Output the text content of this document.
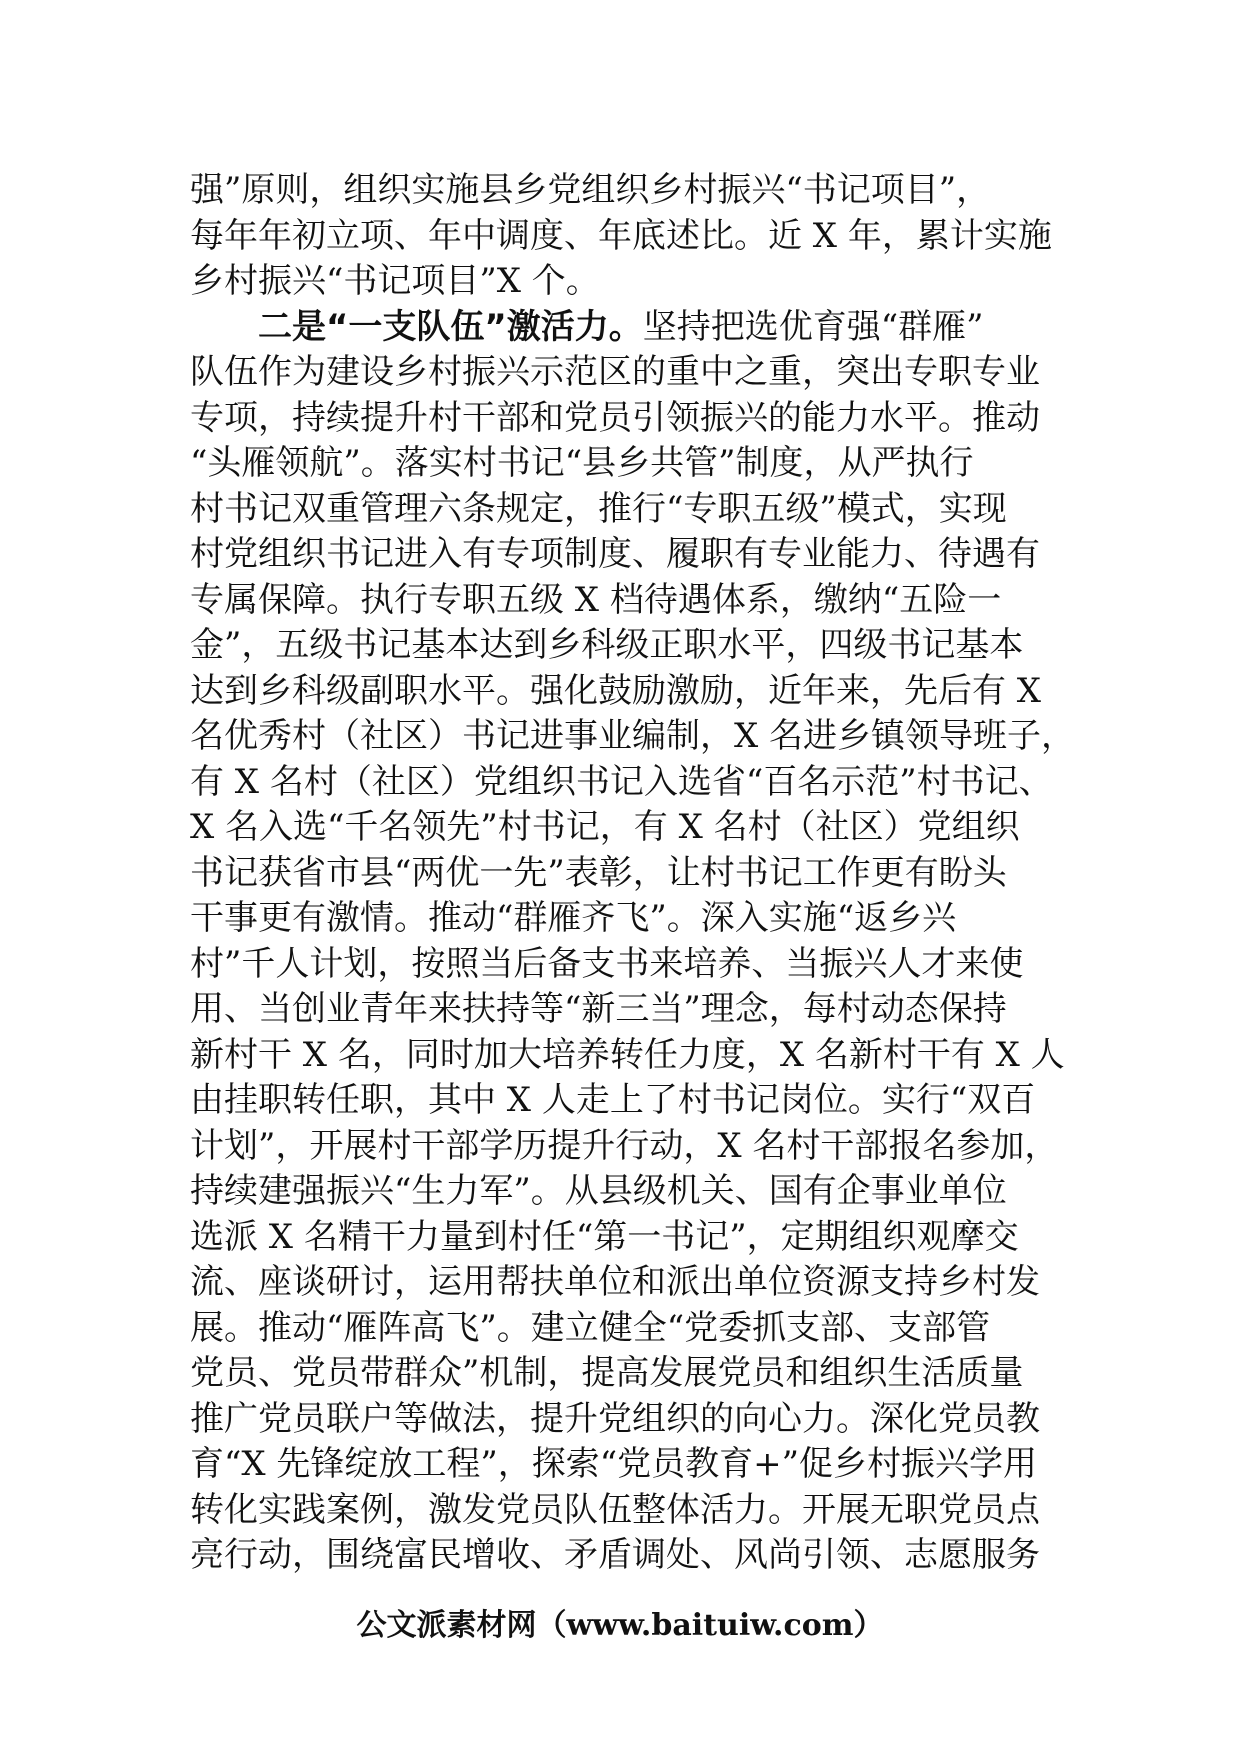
强”原则，组织实施县乡党组织乡村振兴“书记项目”，
每年年初立项、年中调度、年底述比。近 X 年，累计实施
乡村振兴“书记项目”X 个。
二是“一支队伍”激活力。坚持把选优育强“群雁”
队伍作为建设乡村振兴示范区的重中之重，突出专职专业
专项，持续提升村干部和党员引领振兴的能力水平。推动
“头雁领航”。落实村书记“县乡共管”制度，从严执行
村书记双重管理六条规定，推行“专职五级”模式，实现
村党组织书记进入有专项制度、履职有专业能力、待遇有
专属保障。执行专职五级 X 档待遇体系，缴纳“五险一
金”，五级书记基本达到乡科级正职水平，四级书记基本
达到乡科级副职水平。强化鼓励激励，近年来，先后有 X
名优秀村（社区）书记进事业编制，X 名进乡镇领导班子，
有 X 名村（社区）党组织书记入选省“百名示范”村书记、
X 名入选“千名领先”村书记，有 X 名村（社区）党组织
书记获省市县“两优一先”表彰，让村书记工作更有盼头
干事更有激情。推动“群雁齐飞”。深入实施“返乡兴
村”千人计划，按照当后备支书来培养、当振兴人才来使
用、当创业青年来扶持等“新三当”理念，每村动态保持
新村干 X 名，同时加大培养转任力度，X 名新村干有 X 人
由挂职转任职，其中 X 人走上了村书记岗位。实行“双百
计划”，开展村干部学历提升行动，X 名村干部报名参加，
持续建强振兴“生力军”。从县级机关、国有企事业单位
选派 X 名精干力量到村任“第一书记”，定期组织观摩交
流、座谈研讨，运用帮扶单位和派出单位资源支持乡村发
展。推动“雁阵高飞”。建立健全“党委抓支部、支部管
党员、党员带群众”机制，提高发展党员和组织生活质量
推广党员联户等做法，提升党组织的向心力。深化党员教
育“X 先锋绽放工程”，探索“党员教育+”促乡村振兴学用
转化实践案例，激发党员队伍整体活力。开展无职党员点
亮行动，围绕富民增收、矛盾调处、风尚引领、志愿服务
公文派素材网（www.baituiw.com）
